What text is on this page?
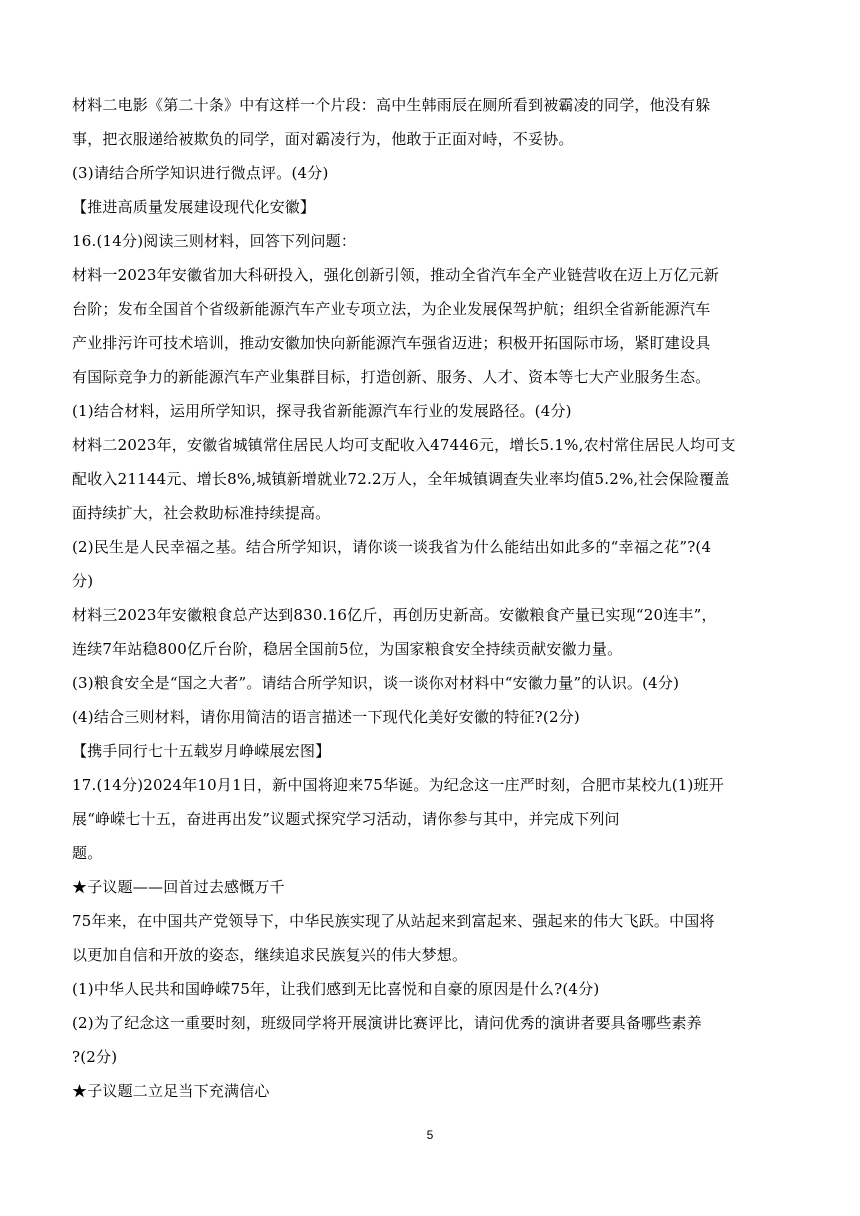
材料二电影《第二十条》中有这样一个片段：高中生韩雨辰在厕所看到被霸凌的同学，他没有躲
事，把衣服递给被欺负的同学，面对霸凌行为，他敢于正面对峙，不妥协。
(3)请结合所学知识进行微点评。(4分)
【推进高质量发展建设现代化安徽】
16.(14分)阅读三则材料，回答下列问题：
材料一2023年安徽省加大科研投入，强化创新引领，推动全省汽车全产业链营收在迈上万亿元新
台阶；发布全国首个省级新能源汽车产业专项立法，为企业发展保驾护航；组织全省新能源汽车
产业排污许可技术培训，推动安徽加快向新能源汽车强省迈进；积极开拓国际市场，紧盯建设具
有国际竞争力的新能源汽车产业集群目标，打造创新、服务、人才、资本等七大产业服务生态。
(1)结合材料，运用所学知识，探寻我省新能源汽车行业的发展路径。(4分)
材料二2023年，安徽省城镇常住居民人均可支配收入47446元，增长5.1%,农村常住居民人均可支
配收入21144元、增长8%,城镇新增就业72.2万人，全年城镇调查失业率均值5.2%,社会保险覆盖
面持续扩大，社会救助标准持续提高。
(2)民生是人民幸福之基。结合所学知识，请你谈一谈我省为什么能结出如此多的“幸福之花”?(4
分)
材料三2023年安徽粮食总产达到830.16亿斤，再创历史新高。安徽粮食产量已实现“20连丰”，
连续7年站稳800亿斤台阶，稳居全国前5位，为国家粮食安全持续贡献安徽力量。
(3)粮食安全是“国之大者”。请结合所学知识，谈一谈你对材料中“安徽力量”的认识。(4分)
(4)结合三则材料，请你用简洁的语言描述一下现代化美好安徽的特征?(2分)
【携手同行七十五载岁月峥嵘展宏图】
17.(14分)2024年10月1日，新中国将迎来75华诞。为纪念这一庄严时刻，合肥市某校九(1)班开
展“峥嵘七十五，奋进再出发”议题式探究学习活动，请你参与其中，并完成下列问
题。
★子议题——回首过去感慨万千
75年来，在中国共产党领导下，中华民族实现了从站起来到富起来、强起来的伟大飞跃。中国将
以更加自信和开放的姿态，继续追求民族复兴的伟大梦想。
(1)中华人民共和国峥嵘75年，让我们感到无比喜悦和自豪的原因是什么?(4分)
(2)为了纪念这一重要时刻，班级同学将开展演讲比赛评比，请问优秀的演讲者要具备哪些素养
?(2分)
★子议题二立足当下充满信心
5
